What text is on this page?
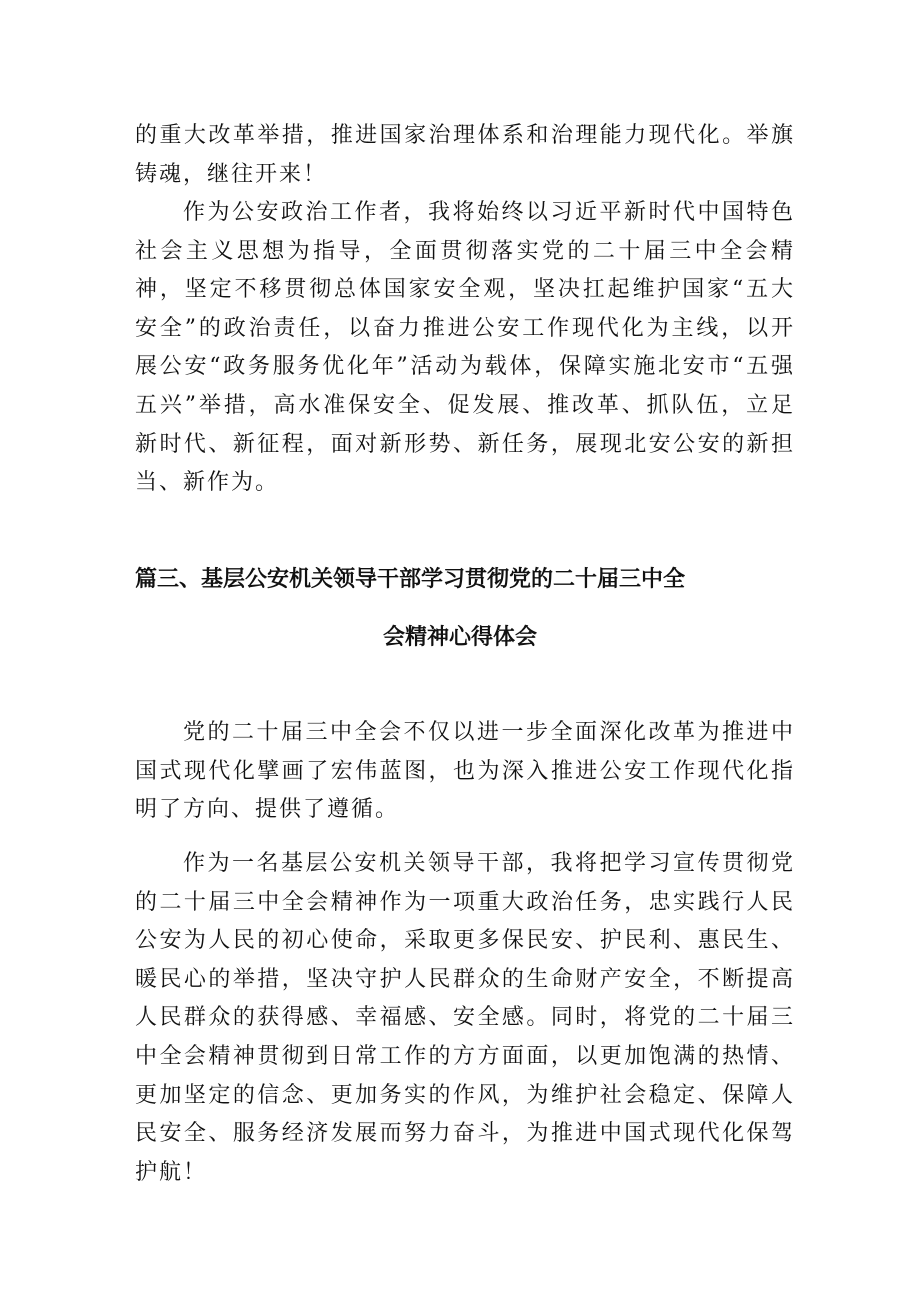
的重大改革举措，推进国家治理体系和治理能力现代化。举旗铸魂，继往开来！

作为公安政治工作者，我将始终以习近平新时代中国特色社会主义思想为指导，全面贯彻落实党的二十届三中全会精神，坚定不移贯彻总体国家安全观，坚决扛起维护国家“五大安全”的政治责任，以奋力推进公安工作现代化为主线，以开展公安“政务服务优化年”活动为载体，保障实施北安市“五强五兴”举措，高水准保安全、促发展、推改革、抓队伍，立足新时代、新征程，面对新形势、新任务，展现北安公安的新担当、新作为。

篇三、基层公安机关领导干部学习贯彻党的二十届三中全
会精神心得体会

党的二十届三中全会不仅以进一步全面深化改革为推进中国式现代化擘画了宏伟蓝图，也为深入推进公安工作现代化指明了方向、提供了遵循。

作为一名基层公安机关领导干部，我将把学习宣传贯彻党的二十届三中全会精神作为一项重大政治任务，忠实践行人民公安为人民的初心使命，采取更多保民安、护民利、惠民生、暖民心的举措，坚决守护人民群众的生命财产安全，不断提高人民群众的获得感、幸福感、安全感。同时，将党的二十届三中全会精神贯彻到日常工作的方方面面，以更加饱满的热情、更加坚定的信念、更加务实的作风，为维护社会稳定、保障人民安全、服务经济发展而努力奋斗，为推进中国式现代化保驾护航！
